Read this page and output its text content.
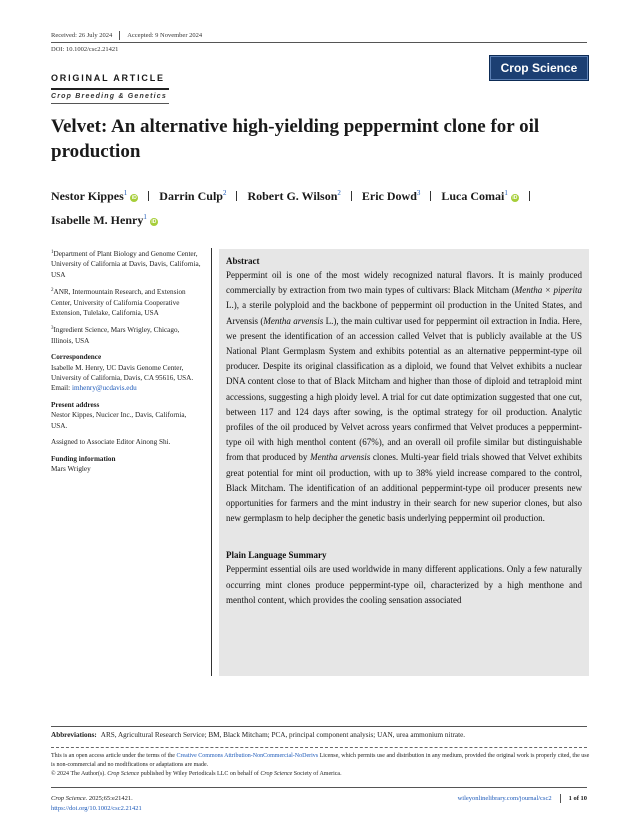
Received: 26 July 2024 Accepted: 9 November 2024
DOI: 10.1002/csc2.21421
Crop Science
ORIGINAL ARTICLE
Crop Breeding & Genetics
Velvet: An alternative high-yielding peppermint clone for oil production
Nestor Kippes$^1$iD Darrin Culp$^2$ Robert G. Wilson$^2$ Eric Dowd$^3$ Luca Comai$^1$iD
Isabelle M. Henry$^1$iD

$^1$Department of Plant Biology and Genome Center, University of California at Davis, Davis, California, USA

$^2$ANR, Intermountain Research, and Extension Center, University of California Cooperative Extension, Tulelake, California, USA

$^3$Ingredient Science, Mars Wrigley, Chicago, Illinois, USA

Correspondence

Isabelle M. Henry, UC Davis Genome Center, University of California, Davis, CA 95616, USA. Email: imhenry@ucdavis.edu

Present address

Nestor Kippes, Nucicer Inc., Davis, California, USA.

Assigned to Associate Editor Ainong Shi.

Funding information

Mars Wrigley

Abstract

Peppermint oil is one of the most widely recognized natural flavors. It is mainly produced commercially by extraction from two main types of cultivars: Black Mitcham (Mentha × piperita L.), a sterile polyploid and the backbone of peppermint oil production in the United States, and Arvensis (Mentha arvensis L.), the main cultivar used for peppermint oil extraction in India. Here, we present the identification of an accession called Velvet that is publicly available at the US National Plant Germplasm System and exhibits potential as an alternative peppermint-type oil producer. Despite its original classification as a diploid, we found that Velvet exhibits a nuclear DNA content close to that of Black Mitcham and higher than those of diploid and tetraploid mint accessions, suggesting a high ploidy level. A trial for cut date optimization suggested that one cut, between 117 and 124 days after sowing, is the optimal strategy for oil production. Analytic profiles of the oil produced by Velvet across years confirmed that Velvet produces a peppermint-type oil with high menthol content (67%), and an overall oil profile similar but distinguishable from that produced by Mentha arvensis clones. Multi-year field trials showed that Velvet exhibits great potential for mint oil production, with up to 38% yield increase compared to the control, Black Mitcham. The identification of an additional peppermint-type oil producer presents new opportunities for farmers and the mint industry in their search for new superior clones, but also new germplasm to help decipher the genetic basis underlying peppermint oil production.

Plain Language Summary

Peppermint essential oils are used worldwide in many different applications. Only a few naturally occurring mint clones produce peppermint-type oil, characterized by a high menthone and menthol content, which provides the cooling sensation associated

Abbreviations: ARS, Agricultural Research Service; BM, Black Mitcham; PCA, principal component analysis; UAN, urea ammonium nitrate.
This is an open access article under the terms of the Creative Commons Attribution-NonCommercial-NoDerivs License, which permits use and distribution in any medium, provided the original work is properly cited, the use is non-commercial and no modifications or adaptations are made.
© 2024 The Author(s). Crop Science published by Wiley Periodicals LLC on behalf of Crop Science Society of America.
Crop Science. 2025;65:e21421.
https://doi.org/10.1002/csc2.21421
wileyonlinelibrary.com/journal/csc2	1 of 10
